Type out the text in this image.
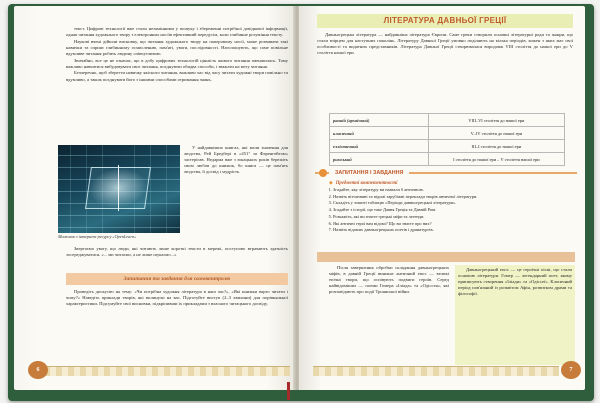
текст. Цифрові технології вже стали незамінними у пошуку і збереженні потрібної довідкової інформації, однак читання художнього твору з електронних носіїв ефективний передусім, коли глибинне розуміння тексту.

Наукові вчені дійшли висновку, що читання художнього твору на паперовому носії, може розвивати такі навички та сприяє глибинному осмисленню, пам'яті, уваги, послідовності. Наголошують, що саме повільне вдумливе читання робить людину співчутливою.

Звичайно, все це не означає, що в добу цифрових технологій цінність живого читання зменшилась. Тому важливо навчитися вибудовувати своє читання, поєднуючи обидва способи, і зважати на мету читання.

Безперечно, щоб зберегти навичку якісного читання, важливо час від часу читати художні твори повільно та вдумливо, а також поєднувати його з іншими способами отримання знань.

Малюнок з інтернет-ресурсу «OpenLearn»

У найдавніших книгах, які мали значення для людства, Рей Бредбері в «451° за Фаренгейтом» застерігав. Недарма вже з юнацьких років бережіть свою любов до книжок, бо книга — це пам'ять людства, її досвід і мудрість.

Звертаємо увагу, що люди, які читають лише короткі тексти в мережі, поступово втрачають здатність зосереджуватися. «... ми читаємо, а не лише шукаємо...»

Запитання та завдання для самоконтролю

Проведіть дискусію на тему: «Чи потрібна художня література в наш час?», «Які книжки варто читати і чому?» Наведіть приклади творів, які вплинули на вас. Підготуйте виступ (2–3 хвилини) для порівняльної характеристики. Підсумуйте свої висновки, підкріпивши їх прикладами з власного читацького досвіду.

6
ЛІТЕРАТУРА ДАВНЬОЇ ГРЕЦІЇ

Давньогрецька література — найдавніша література Європи. Саме греки створили основні літературні роди та жанри, що стали взірцем для наступних поколінь. Літературу Давньої Греції умовно поділяють на кілька періодів, кожен з яких має свої особливості та видатних представників. Література Давньої Греції створювалася впродовж VIII століття до нашої ери до V століття нашої ери.

ранній (архаїчний)	VIII–VI століття до нашої ери
класичний	V–IV століття до нашої ери
еллістичний	III–I століття до нашої ери
римський	I століття до нашої ери – V століття нашої ери
ЗАПИТАННЯ І ЗАВДАННЯ
◆ Предметні компетентності
1. Згадайте, яку літературу ви назвали б античною.
2. Назвіть вітчизняні та відомі зарубіжні переклади творів античної літератури.
3. Складіть у зошиті таблицю «Періоди давньогрецької літератури».
4. Згадайте з історії, що таке Давня Греція та Давній Рим.
5. Розкажіть, які ви знаєте грецькі міфи та легенди.
6. Які античні герої вам відомі? Що ви знаєте про них?
7. Назвіть відомих давньогрецьких поетів і драматургів.

Після завершення обробки складання давньогрецьких міфів, в давній Греції виникає античний епос — великі епічні твори, що оспівують подвиги героїв. Серед найвідоміших — поеми Гомера «Іліада» та «Одіссея», які розповідають про події Троянської війни.

Давньогрецький епос — це героїчні пісні, що стали основою літератури. Гомер — легендарний поет, якому приписують створення «Іліади» та «Одіссеї». Класичний період пов'язаний із розквітом Афін, розвитком драми та філософії.

7
